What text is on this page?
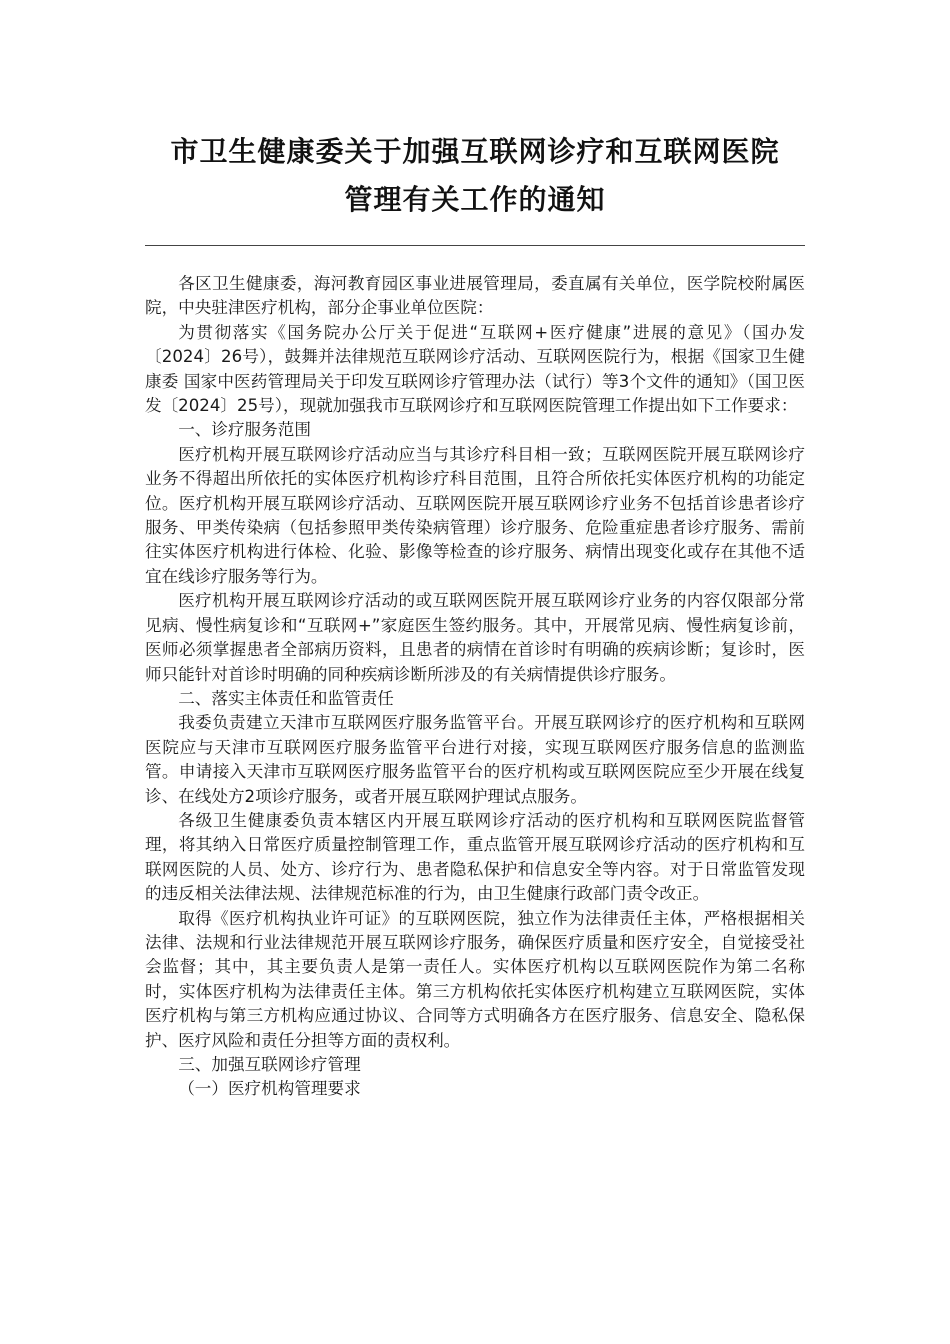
市卫生健康委关于加强互联网诊疗和互联网医院
管理有关工作的通知

各区卫生健康委，海河教育园区事业进展管理局，委直属有关单位，医学院校附属医院，中央驻津医疗机构，部分企事业单位医院：

为贯彻落实《国务院办公厅关于促进“互联网+医疗健康”进展的意见》（国办发〔2024〕26号），鼓舞并法律规范互联网诊疗活动、互联网医院行为，根据《国家卫生健康委 国家中医药管理局关于印发互联网诊疗管理办法（试行）等3个文件的通知》（国卫医发〔2024〕25号），现就加强我市互联网诊疗和互联网医院管理工作提出如下工作要求：

一、诊疗服务范围

医疗机构开展互联网诊疗活动应当与其诊疗科目相一致；互联网医院开展互联网诊疗业务不得超出所依托的实体医疗机构诊疗科目范围，且符合所依托实体医疗机构的功能定位。医疗机构开展互联网诊疗活动、互联网医院开展互联网诊疗业务不包括首诊患者诊疗服务、甲类传染病（包括参照甲类传染病管理）诊疗服务、危险重症患者诊疗服务、需前往实体医疗机构进行体检、化验、影像等检查的诊疗服务、病情出现变化或存在其他不适宜在线诊疗服务等行为。

医疗机构开展互联网诊疗活动的或互联网医院开展互联网诊疗业务的内容仅限部分常见病、慢性病复诊和“互联网+”家庭医生签约服务。其中，开展常见病、慢性病复诊前，医师必须掌握患者全部病历资料，且患者的病情在首诊时有明确的疾病诊断；复诊时，医师只能针对首诊时明确的同种疾病诊断所涉及的有关病情提供诊疗服务。

二、落实主体责任和监管责任

我委负责建立天津市互联网医疗服务监管平台。开展互联网诊疗的医疗机构和互联网医院应与天津市互联网医疗服务监管平台进行对接，实现互联网医疗服务信息的监测监管。申请接入天津市互联网医疗服务监管平台的医疗机构或互联网医院应至少开展在线复诊、在线处方2项诊疗服务，或者开展互联网护理试点服务。

各级卫生健康委负责本辖区内开展互联网诊疗活动的医疗机构和互联网医院监督管理，将其纳入日常医疗质量控制管理工作，重点监管开展互联网诊疗活动的医疗机构和互联网医院的人员、处方、诊疗行为、患者隐私保护和信息安全等内容。对于日常监管发现的违反相关法律法规、法律规范标准的行为，由卫生健康行政部门责令改正。

取得《医疗机构执业许可证》的互联网医院，独立作为法律责任主体，严格根据相关法律、法规和行业法律规范开展互联网诊疗服务，确保医疗质量和医疗安全，自觉接受社会监督；其中，其主要负责人是第一责任人。实体医疗机构以互联网医院作为第二名称时，实体医疗机构为法律责任主体。第三方机构依托实体医疗机构建立互联网医院，实体医疗机构与第三方机构应通过协议、合同等方式明确各方在医疗服务、信息安全、隐私保护、医疗风险和责任分担等方面的责权利。

三、加强互联网诊疗管理

（一）医疗机构管理要求
